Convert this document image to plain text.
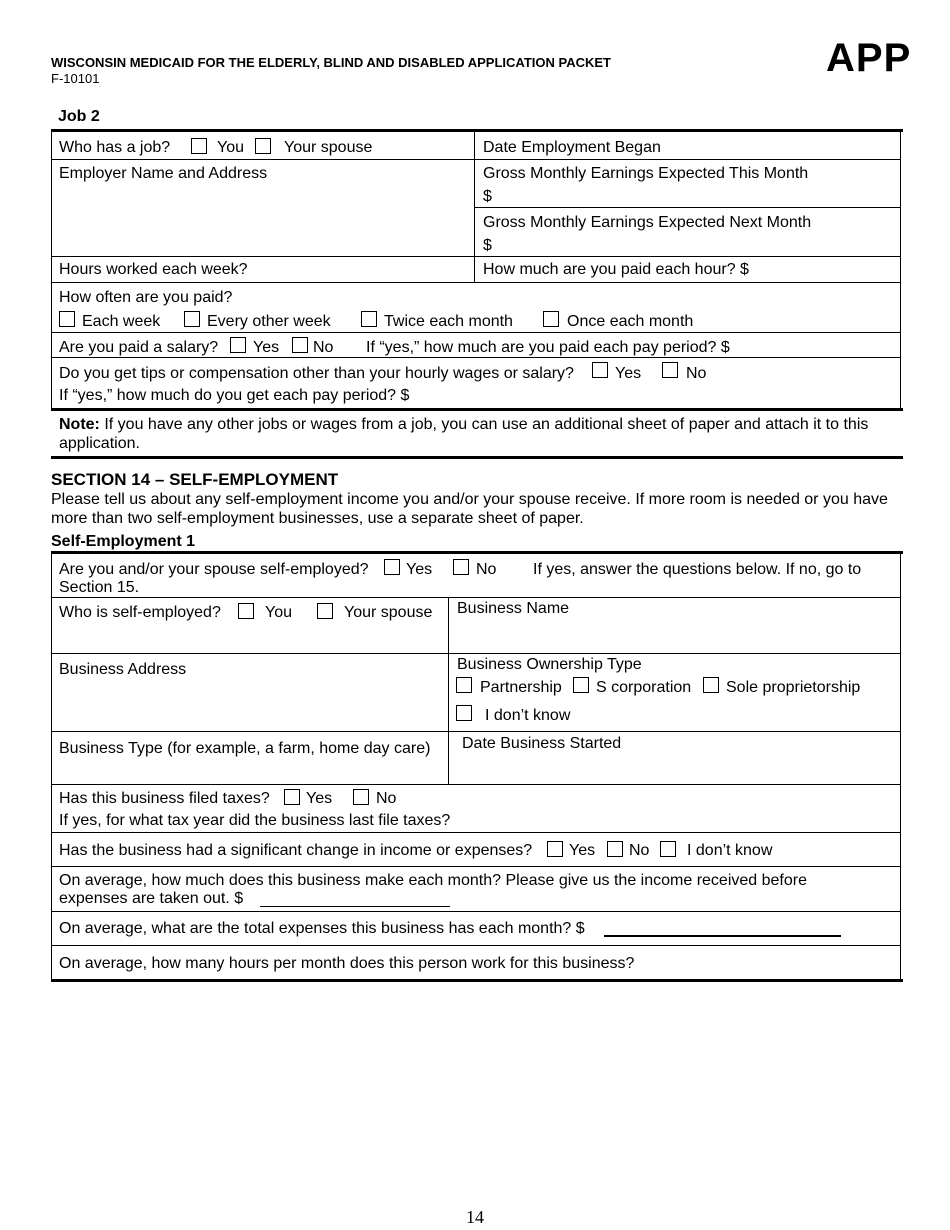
WISCONSIN MEDICAID FOR THE ELDERLY, BLIND AND DISABLED APPLICATION PACKET
F-10101	APP
Job 2
Who has a job?	You	Your spouse	Date Employment Began
Employer Name and Address	Gross Monthly Earnings Expected This Month
$
Gross Monthly Earnings Expected Next Month
$
Hours worked each week?	How much are you paid each hour? $
How often are you paid?
Each week	Every other week	Twice each month	Once each month
Are you paid a salary? Yes No If “yes,” how much are you paid each pay period? $
Do you get tips or compensation other than your hourly wages or salary?	Yes	No
If “yes,” how much do you get each pay period? $
Note: If you have any other jobs or wages from a job, you can use an additional sheet of paper and attach it to this application.
SECTION 14 – SELF-EMPLOYMENT
Please tell us about any self-employment income you and/or your spouse receive. If more room is needed or you have more than two self-employment businesses, use a separate sheet of paper.
Self-Employment 1
Are you and/or your spouse self-employed? Yes	No If yes, answer the questions below. If no, go to
Section 15.
Who is self-employed?	You	Your spouse Business Name
Business Address	Business Ownership Type
Partnership S corporation Sole proprietorship
I don’t know
Business Type (for example, a farm, home day care) Date Business Started
Has this business filed taxes? Yes	No
If yes, for what tax year did the business last file taxes?
Has the business had a significant change in income or expenses? Yes No I don’t know
On average, how much does this business make each month? Please give us the income received before
expenses are taken out. $
On average, what are the total expenses this business has each month? $
On average, how many hours per month does this person work for this business?
14
